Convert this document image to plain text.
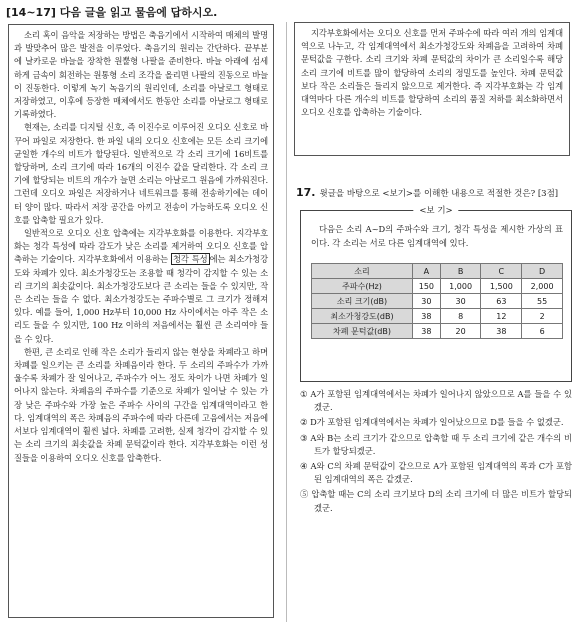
[14~17] 다음 글을 읽고 물음에 답하시오.

소리 혹이 음악을 저장하는 방법은 축음기에서 시작하여 매체의 발명과 발맞추어 많은 발전을 이루었다. 축음기의 원리는 간단하다. 끝부분에 날카로운 바늘을 장착한 원뿔형 나팔을 준비한다. 바늘 아래에 섬세하게 금속이 회전하는 원통형 소리 조각을 올리면 나팔의 진동으로 바늘이 진동한다. 이렇게 녹기 녹음기의 원리인데, 소리를 아날로그 형태로 저장하였고, 이후에 등장한 매체에서도 한동안 소리를 아날로그 형태로 기록하였다.

현재는, 소리를 디지털 신호, 즉 이진수로 이루어진 오디오 신호로 바꾸어 파일로 저장한다. 한 파일 내의 오디오 신호에는 모든 소리 크기에 균일한 개수의 비트가 할당된다. 일반적으로 각 소리 크기에 16비트를 할당하며, 소리 크기에 따라 16개의 이진수 값을 달리한다. 각 소리 크기에 할당되는 비트의 개수가 늘면 소리는 아날로그 원음에 가까워진다. 그런데 오디오 파일은 저장하거나 네트워크를 통해 전송하기에는 데이터 양이 많다. 따라서 저장 공간을 아끼고 전송이 가능하도록 오디오 신호를 압축할 필요가 있다.

일반적으로 오디오 신호 압축에는 지각부호화를 이용한다. 지각부호화는 청각 특성에 따라 감도가 낮은 소리를 제거하여 오디오 신호를 압축하는 기술이다. 지각부호화에서 이용하는 청각 특성 에는 최소가청강도와 차폐가 있다. 최소가청강도는 조용할 때 청각이 감지할 수 있는 소리 크기의 최솟값이다. 최소가청강도보다 큰 소리는 들을 수 있지만, 작은 소리는 들을 수 없다. 최소가청강도는 주파수별로 그 크기가 정해져 있다. 예를 들어, 1,000 Hz부터 10,000 Hz 사이에서는 아주 작은 소리도 들을 수 있지만, 100 Hz 이하의 저음에서는 훨씬 큰 소리여야 들을 수 있다.

한편, 큰 소리로 인해 작은 소리가 들리지 않는 현상을 차폐라고 하며 차폐를 일으키는 큰 소리를 차폐음이라 한다. 두 소리의 주파수가 가까울수록 차폐가 잘 일어나고, 주파수가 어느 정도 차이가 나면 차폐가 일어나지 않는다. 차폐음의 주파수를 기준으로 차폐가 일어날 수 있는 가장 낮은 주파수와 가장 높은 주파수 사이의 구간을 임계대역이라고 한다. 임계대역의 폭은 차폐음의 주파수에 따라 다른데 고음에서는 저음에서보다 임계대역이 훨씬 넓다. 차폐를 고려한, 실제 청각이 감지할 수 있는 소리 크기의 최솟값을 차폐 문턱값이라 한다. 지각부호화는 이런 성질들을 이용하여 오디오 신호를 압축한다.

지각부호화에서는 오디오 신호를 먼저 주파수에 따라 여러 개의 임계대역으로 나누고, 각 임계대역에서 최소가청강도와 차폐음을 고려하여 차폐 문턱값을 구한다. 소리 크기와 차폐 문턱값의 차이가 큰 소리일수록 해당 소리 크기에 비트를 많이 할당하여 소리의 정밀도를 높인다. 차폐 문턱값보다 작은 소리들은 들리지 않으므로 제거한다. 즉 지각부호화는 각 임계대역마다 다른 개수의 비트를 할당하여 소리의 품질 저하를 최소화하면서 오디오 신호를 압축하는 기술이다.

17. 윗글을 바탕으로 <보기>를 이해한 내용으로 적절한 것은? [3점]
<보 기>
다음은 소리 A~D의 주파수와 크기, 청각 특성을 제시한 가상의 표이다. 각 소리는 서로 다른 임계대역에 있다.
소리	A	B	C	D
주파수(Hz)	150	1,000	1,500	2,000
소리 크기(dB)	30	30	63	55
최소가청강도(dB)	38	8	12	2
차폐 문턱값(dB)	38	20	38	6

① A가 포함된 임계대역에서는 차폐가 일어나지 않았으므로 A를 들을 수 있겠군.

② D가 포함된 임계대역에서는 차폐가 일어났으므로 D를 들을 수 없겠군.

③ A와 B는 소리 크기가 같으므로 압축할 때 두 소리 크기에 같은 개수의 비트가 할당되겠군.

④ A와 C의 차폐 문턱값이 같으므로 A가 포함된 임계대역의 폭과 C가 포함된 임계대역의 폭은 같겠군.

⑤ 압축할 때는 C의 소리 크기보다 D의 소리 크기에 더 많은 비트가 할당되겠군.
